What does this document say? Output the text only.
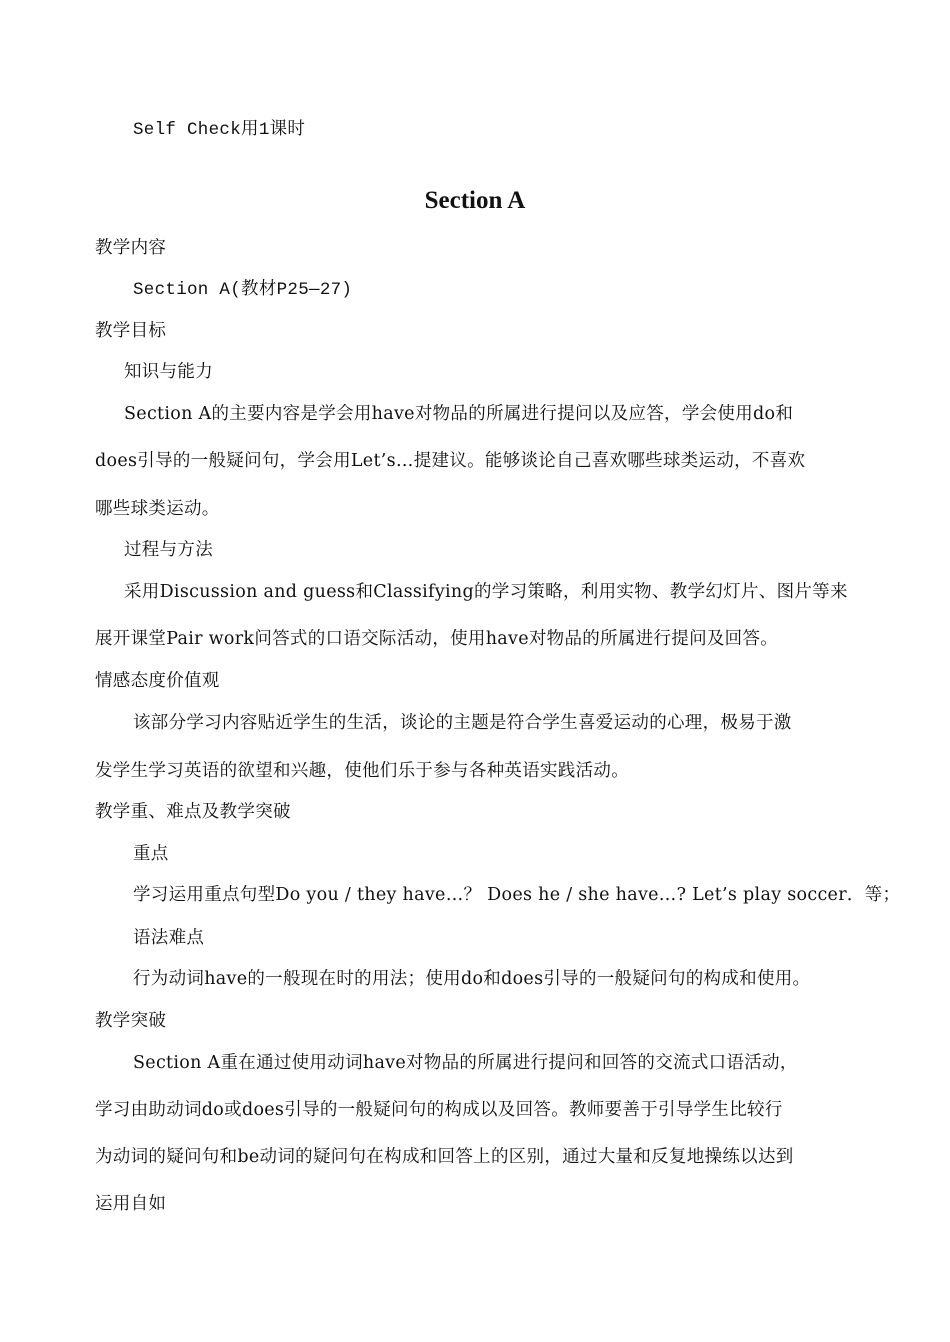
Self Check用1课时
Section A
教学内容
Section A(教材P25—27)
教学目标
知识与能力
Section A的主要内容是学会用have对物品的所属进行提问以及应答，学会使用do和
does引导的一般疑问句，学会用Let’s…提建议。能够谈论自己喜欢哪些球类运动，不喜欢
哪些球类运动。
过程与方法
采用Discussion and guess和Classifying的学习策略，利用实物、教学幻灯片、图片等来
展开课堂Pair work问答式的口语交际活动，使用have对物品的所属进行提问及回答。
情感态度价值观
该部分学习内容贴近学生的生活，谈论的主题是符合学生喜爱运动的心理，极易于激
发学生学习英语的欲望和兴趣，使他们乐于参与各种英语实践活动。
教学重、难点及教学突破
重点
学习运用重点句型Do you / they have…？ Does he / she have…? Let’s play soccer．等；
语法难点
行为动词have的一般现在时的用法；使用do和does引导的一般疑问句的构成和使用。
教学突破
Section A重在通过使用动词have对物品的所属进行提问和回答的交流式口语活动，
学习由助动词do或does引导的一般疑问句的构成以及回答。教师要善于引导学生比较行
为动词的疑问句和be动词的疑问句在构成和回答上的区别，通过大量和反复地操练以达到
运用自如
